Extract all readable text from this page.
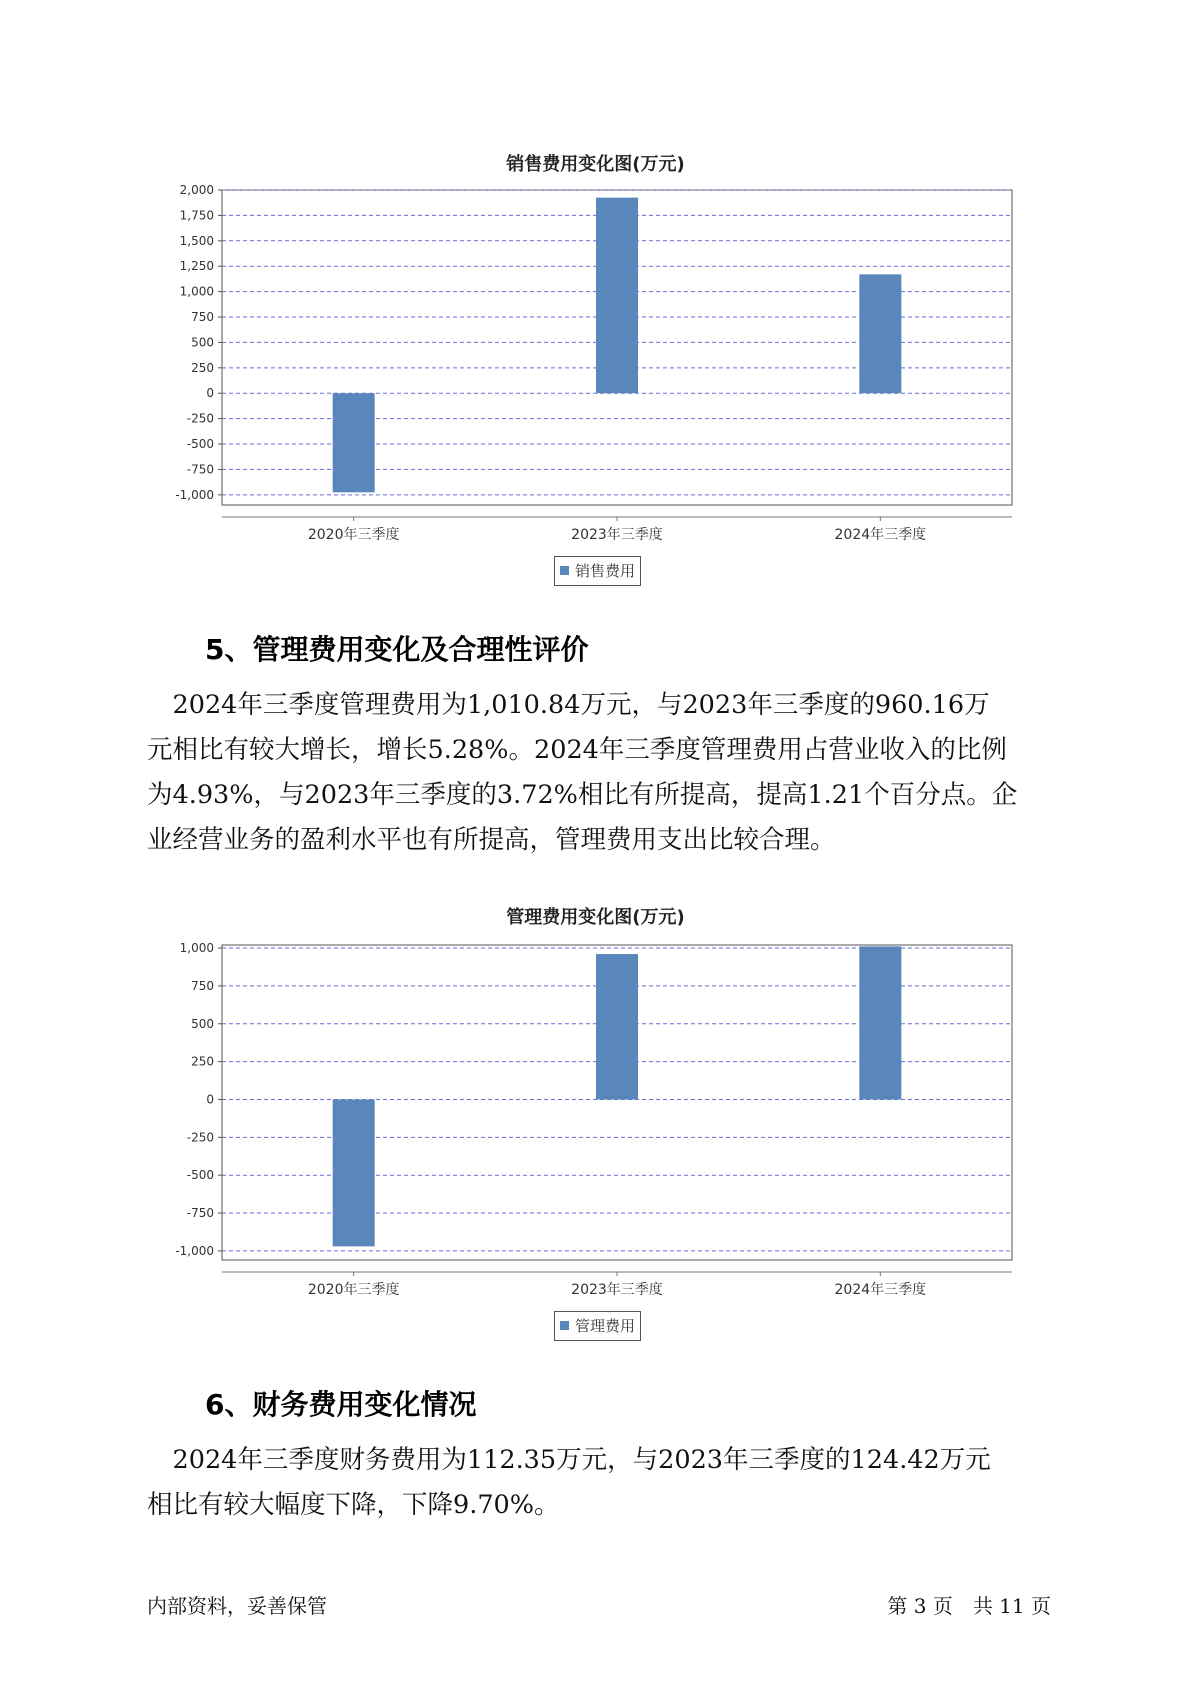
销售费用变化图(万元)
2,000
1,750
1,500
1,250
1,000
750
500
250
0
-250
-500
-750
-1,000
2020年三季度	2023年三季度	2024年三季度
销售费用
5、管理费用变化及合理性评价
　2024年三季度管理费用为1,010.84万元，与2023年三季度的960.16万
元相比有较大增长，增长5.28%。2024年三季度管理费用占营业收入的比例
为4.93%，与2023年三季度的3.72%相比有所提高，提高1.21个百分点。企
业经营业务的盈利水平也有所提高，管理费用支出比较合理。
管理费用变化图(万元)
1,000
750
500
250
0
-250
-500
-750
-1,000
2020年三季度	2023年三季度	2024年三季度
管理费用
6、财务费用变化情况
　2024年三季度财务费用为112.35万元，与2023年三季度的124.42万元
相比有较大幅度下降，下降9.70%。
内部资料，妥善保管	第 3 页　共 11 页
